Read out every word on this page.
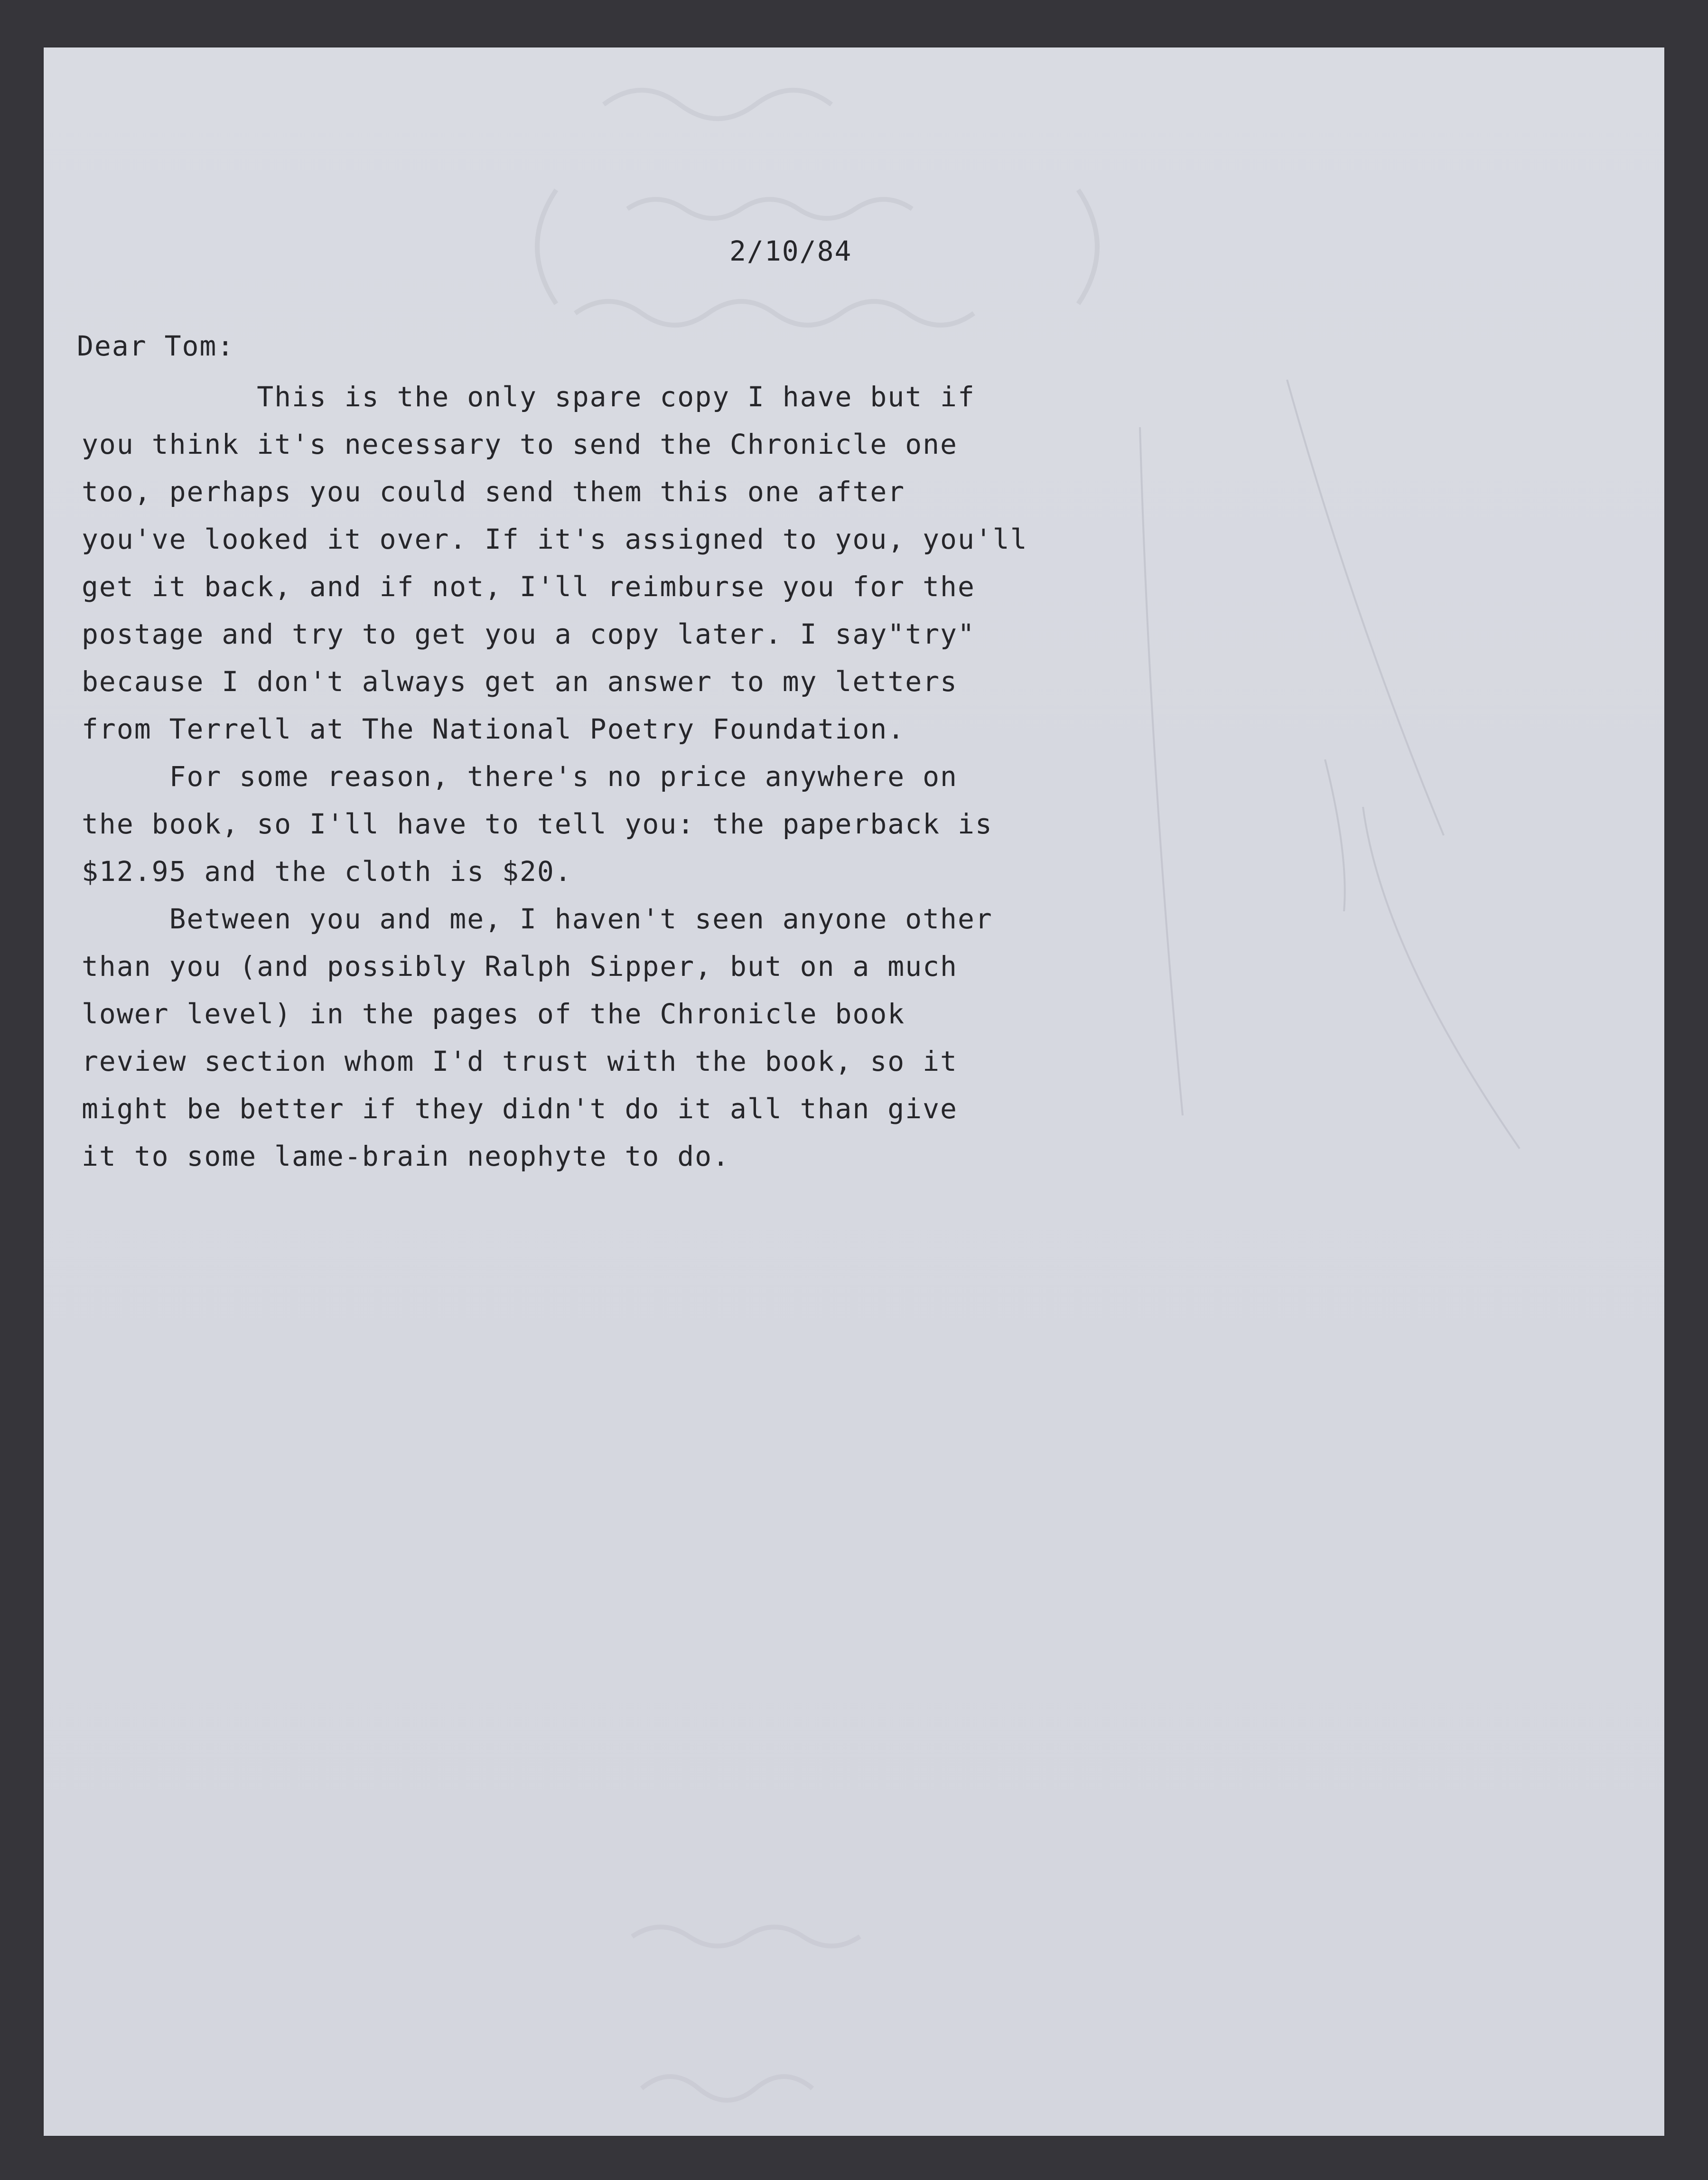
2/10/84
Dear Tom:
This is the only spare copy I have but if
you think it's necessary to send the Chronicle one
too, perhaps you could send them this one after
you've looked it over. If it's assigned to you, you'll
get it back, and if not, I'll reimburse you for the
postage and try to get you a copy later. I say"try"
because I don't always get an answer to my letters
from Terrell at The National Poetry Foundation.
For some reason, there's no price anywhere on
the book, so I'll have to tell you: the paperback is
$12.95 and the cloth is $20.
Between you and me, I haven't seen anyone other
than you (and possibly Ralph Sipper, but on a much
lower level) in the pages of the Chronicle book
review section whom I'd trust with the book, so it
might be better if they didn't do it all than give
it to some lame-brain neophyte to do.
